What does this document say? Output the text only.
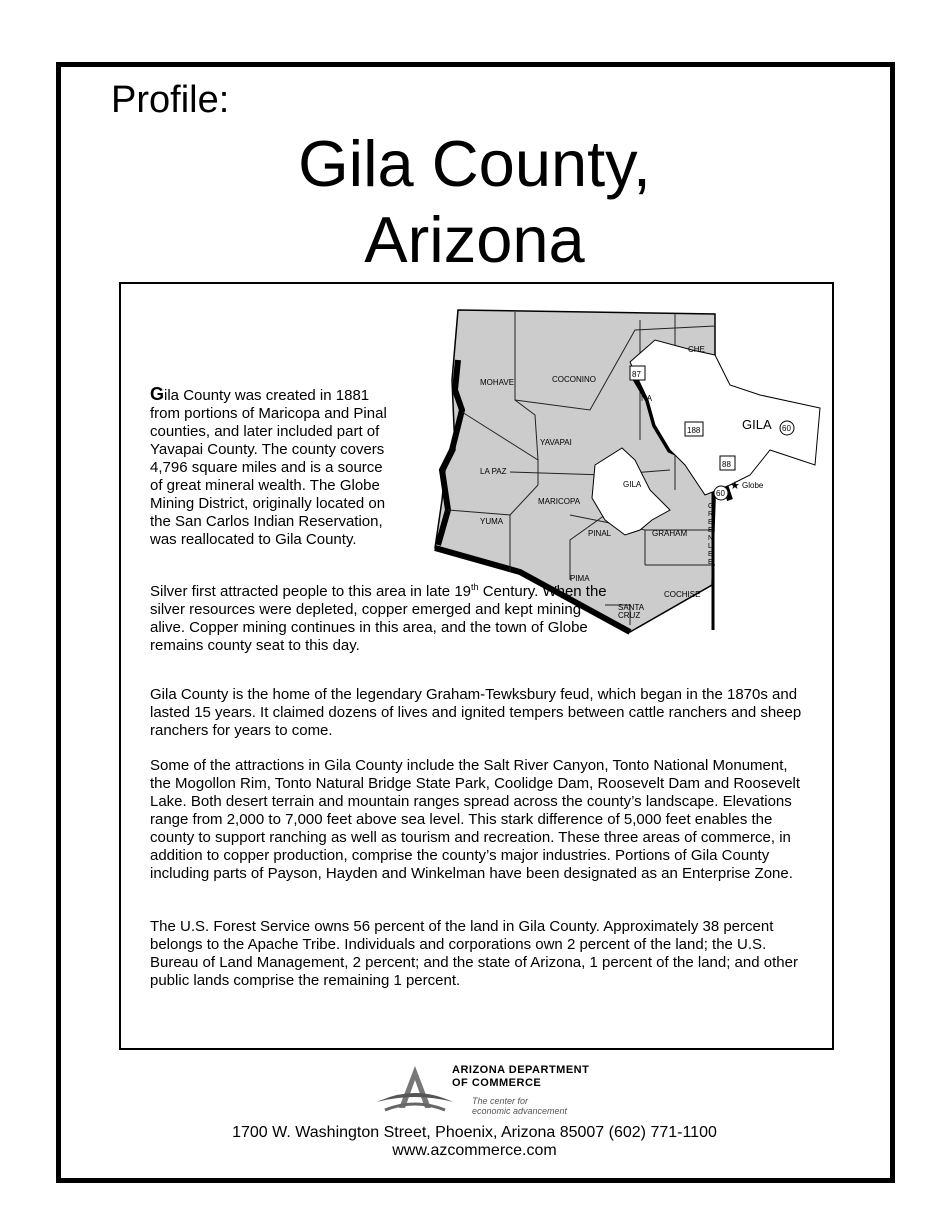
Profile:
Gila County,
Arizona
MOHAVE	COCONINO
YAVAPAI
LA PAZ
YUMA
MARICOPA
PINAL
PIMA
SANTA
CRUZ
COCHISE
GRAHAM
GILA
NA
CHE
GILA
Globe
G
R
E
E
N
L
E
E
87
188
88
60
60
★

Gila County was created in 1881 from portions of Maricopa and Pinal counties, and later included part of Yavapai County. The county covers 4,796 square miles and is a source of great mineral wealth. The Globe Mining District, originally located on the San Carlos Indian Reservation, was reallocated to Gila County.

Silver first attracted people to this area in late 19th Century. When the silver resources were depleted, copper emerged and kept mining alive. Copper mining continues in this area, and the town of Globe remains county seat to this day.

Gila County is the home of the legendary Graham-Tewksbury feud, which began in the 1870s and lasted 15 years. It claimed dozens of lives and ignited tempers between cattle ranchers and sheep ranchers for years to come.

Some of the attractions in Gila County include the Salt River Canyon, Tonto National Monument, the Mogollon Rim, Tonto Natural Bridge State Park, Coolidge Dam, Roosevelt Dam and Roosevelt Lake. Both desert terrain and mountain ranges spread across the county’s landscape. Elevations range from 2,000 to 7,000 feet above sea level. This stark difference of 5,000 feet enables the county to support ranching as well as tourism and recreation. These three areas of commerce, in addition to copper production, comprise the county’s major industries. Portions of Gila County including parts of Payson, Hayden and Winkelman have been designated as an Enterprise Zone.

The U.S. Forest Service owns 56 percent of the land in Gila County. Approximately 38 percent belongs to the Apache Tribe. Individuals and corporations own 2 percent of the land; the U.S. Bureau of Land Management, 2 percent; and the state of Arizona, 1 percent of the land; and other public lands comprise the remaining 1 percent.

ARIZONA DEPARTMENT
OF COMMERCE
The center for
economic advancement
1700 W. Washington Street, Phoenix, Arizona 85007 (602) 771-1100
www.azcommerce.com
